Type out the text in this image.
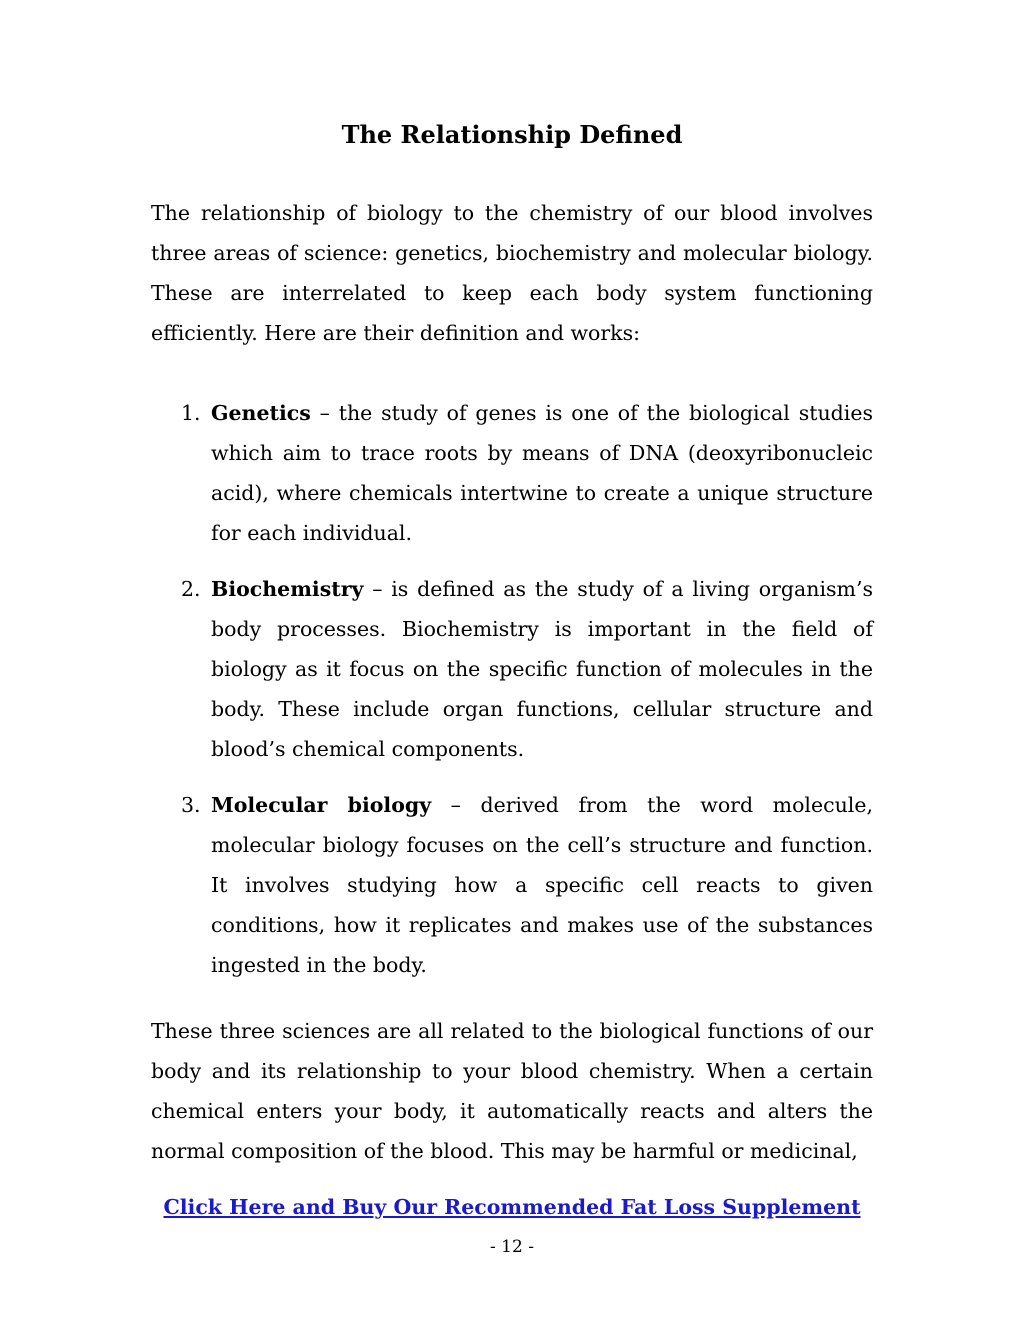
The Relationship Defined

The relationship of biology to the chemistry of our blood involves three areas of science: genetics, biochemistry and molecular biology. These are interrelated to keep each body system functioning efficiently. Here are their definition and works:

1. Genetics – the study of genes is one of the biological studies which aim to trace roots by means of DNA (deoxyribonucleic acid), where chemicals intertwine to create a unique structure for each individual.
2. Biochemistry – is defined as the study of a living organism’s body processes. Biochemistry is important in the field of biology as it focus on the specific function of molecules in the body. These include organ functions, cellular structure and blood’s chemical components.
3. Molecular biology – derived from the word molecule, molecular biology focuses on the cell’s structure and function. It involves studying how a specific cell reacts to given conditions, how it replicates and makes use of the substances ingested in the body.

These three sciences are all related to the biological functions of our body and its relationship to your blood chemistry. When a certain chemical enters your body, it automatically reacts and alters the normal composition of the blood. This may be harmful or medicinal,

Click Here and Buy Our Recommended Fat Loss Supplement
- 12 -
